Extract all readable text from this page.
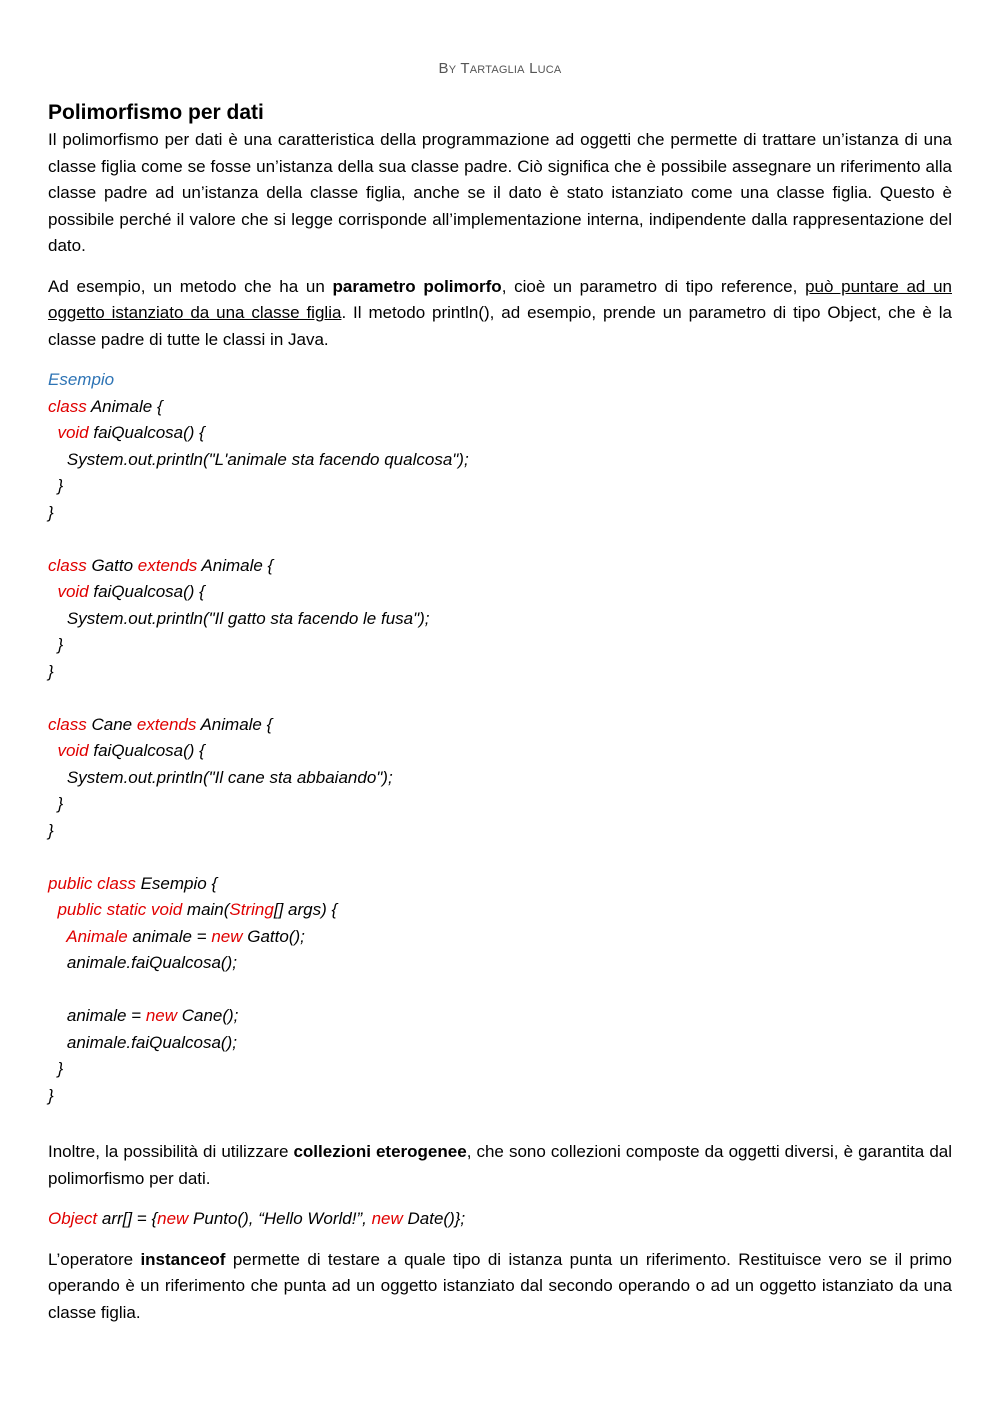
By Tartaglia Luca
Polimorfismo per dati

Il polimorfismo per dati è una caratteristica della programmazione ad oggetti che permette di trattare un’istanza di una classe figlia come se fosse un’istanza della sua classe padre. Ciò significa che è possibile assegnare un riferimento alla classe padre ad un’istanza della classe figlia, anche se il dato è stato istanziato come una classe figlia. Questo è possibile perché il valore che si legge corrisponde all’implementazione interna, indipendente dalla rappresentazione del dato.

Ad esempio, un metodo che ha un parametro polimorfo, cioè un parametro di tipo reference, può puntare ad un oggetto istanziato da una classe figlia. Il metodo println(), ad esempio, prende un parametro di tipo Object, che è la classe padre di tutte le classi in Java.

Esempio
class Animale {
void faiQualcosa() {
System.out.println("L'animale sta facendo qualcosa");
}
}
class Gatto extends Animale {
void faiQualcosa() {
System.out.println("Il gatto sta facendo le fusa");
}
}
class Cane extends Animale {
void faiQualcosa() {
System.out.println("Il cane sta abbaiando");
}
}
public class Esempio {
public static void main(String[] args) {
Animale animale = new Gatto();
animale.faiQualcosa();
animale = new Cane();
animale.faiQualcosa();
}
}

Inoltre, la possibilità di utilizzare collezioni eterogenee, che sono collezioni composte da oggetti diversi, è garantita dal polimorfismo per dati.

Object arr[] = {new Punto(), “Hello World!”, new Date()};

L’operatore instanceof permette di testare a quale tipo di istanza punta un riferimento. Restituisce vero se il primo operando è un riferimento che punta ad un oggetto istanziato dal secondo operando o ad un oggetto istanziato da una classe figlia.
